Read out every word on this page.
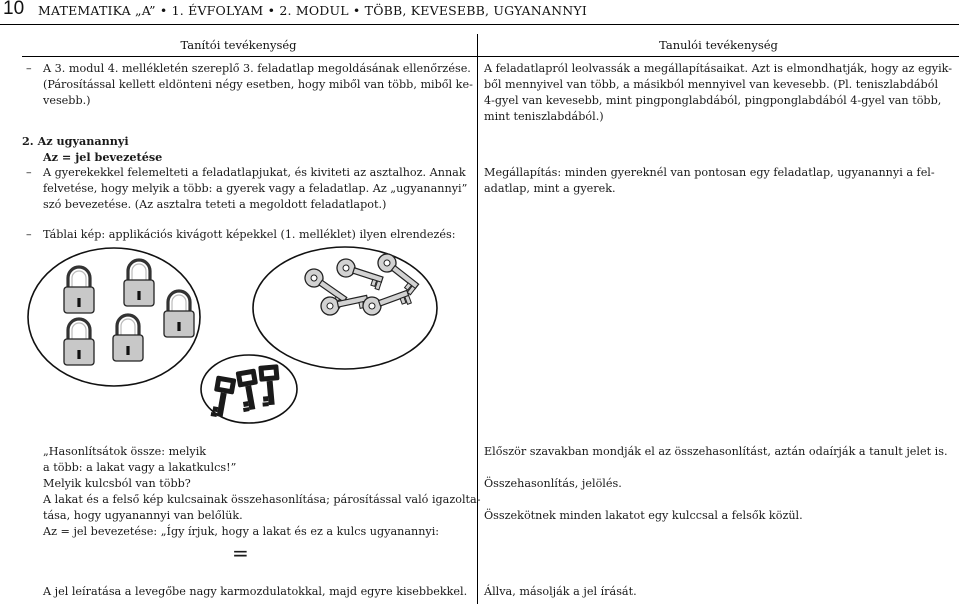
10 MATEMATIKA „A” • 1. ÉVFOLYAM • 2. MODUL • TÖBB, KEVESEBB, UGYANANNYI
Tanítói tevékenység	Tanulói tevékenység
– A 3. modul 4. mellékletén szereplő 3. feladatlap megoldásának ellenőrzése.
(Párosítással kellett eldönteni négy esetben, hogy miből van több, miből ke-
vesebb.)
2. Az ugyanannyi
Az = jel bevezetése
– A gyerekekkel felemelteti a feladatlapjukat, és kiviteti az asztalhoz. Annak
felvetése, hogy melyik a több: a gyerek vagy a feladatlap. Az „ugyanannyi”
szó bevezetése. (Az asztalra teteti a megoldott feladatlapot.)
– Táblai kép: applikációs kivágott képekkel (1. melléklet) ilyen elrendezés:
„Hasonlítsátok össze: melyik
a több: a lakat vagy a lakatkulcs!”
Melyik kulcsból van több?
A lakat és a felső kép kulcsainak összehasonlítása; párosítással való igazolta-
tása, hogy ugyanannyi van belőlük.
Az = jel bevezetése: „Így írjuk, hogy a lakat és ez a kulcs ugyanannyi:
=
A jel leíratása a levegőbe nagy karmozdulatokkal, majd egyre kisebbekkel.
A feladatlapról leolvassák a megállapításaikat. Azt is elmondhatják, hogy az egyik-
ből mennyivel van több, a másikból mennyivel van kevesebb. (Pl. teniszlabdából
4-gyel van kevesebb, mint pingponglabdából, pingponglabdából 4-gyel van több,
mint teniszlabdából.)
Megállapítás: minden gyereknél van pontosan egy feladatlap, ugyanannyi a fel-
adatlap, mint a gyerek.
Először szavakban mondják el az összehasonlítást, aztán odaírják a tanult jelet is.
Összehasonlítás, jelölés.
Összekötnek minden lakatot egy kulccsal a felsők közül.
Állva, másolják a jel írását.
